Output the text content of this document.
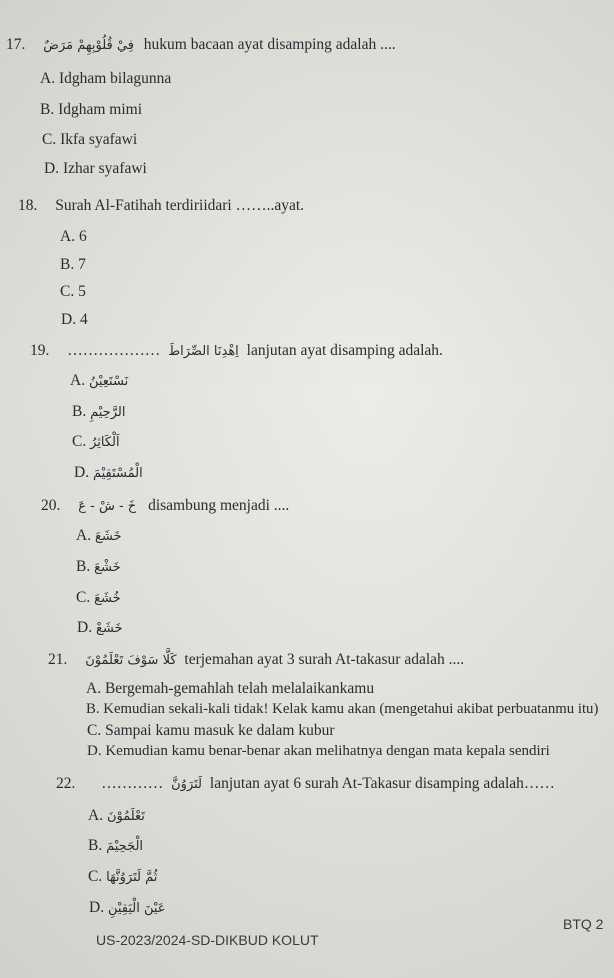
17. فِيْ قُلُوْبِهِمْ مَرَضٌ hukum bacaan ayat disamping adalah ....
A. Idgham bilagunna
B. Idgham mimi
C. Ikfa syafawi
D. Izhar syafawi
18. Surah Al-Fatihah terdiriidari ……..ayat.
A. 6
B. 7
C. 5
D. 4
19. ……………… اِهْدِنَا الصِّرَاطَ lanjutan ayat disamping adalah.
A. نَسْتَعِيْنُ
B. الرَّحِيْمِ
C. اَلْكَاثِرُ
D. الْمُسْتَقِيْمَ
20. خَ - شْ - عَ disambung menjadi ....
A. خَشَعَ
B. خَشْعَ
C. خُشَعَ
D. خَشَعْ
21. كَلَّا سَوْفَ تَعْلَمُوْنَ terjemahan ayat 3 surah At-takasur adalah ....
A. Bergemah-gemahlah telah melalaikankamu
B. Kemudian sekali-kali tidak! Kelak kamu akan (mengetahui akibat perbuatanmu itu)
C. Sampai kamu masuk ke dalam kubur
D. Kemudian kamu benar-benar akan melihatnya dengan mata kepala sendiri
22. ………… لَتَرَوُنَّ lanjutan ayat 6 surah At-Takasur disamping adalah……
A. تَعْلَمُوْنَ
B. الْجَحِيْمَ
C. ثُمَّ لَتَرَوُنَّهَا
D. عَيْنَ الْيَقِيْنِ
BTQ 2
US-2023/2024-SD-DIKBUD KOLUT
